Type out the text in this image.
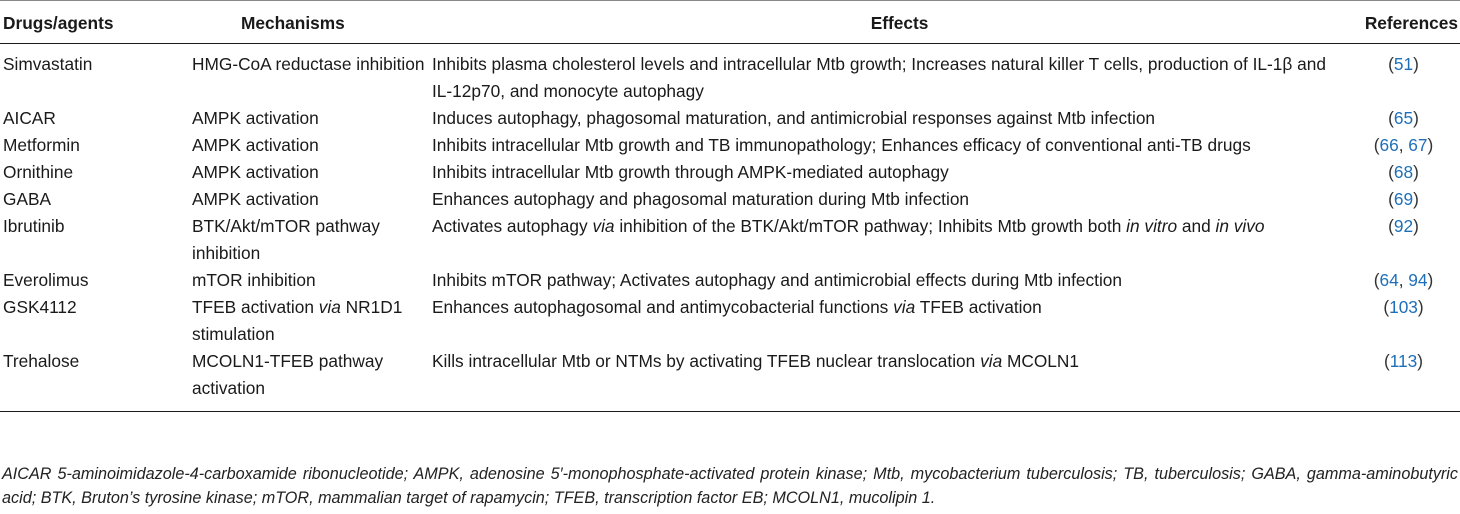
Drugs/agents	Mechanisms	Effects	References
Simvastatin	HMG-CoA reductase inhibition	Inhibits plasma cholesterol levels and intracellular Mtb growth; Increases natural killer T cells, production of IL-1β and IL-12p70, and monocyte autophagy	(51)
AICAR	AMPK activation	Induces autophagy, phagosomal maturation, and antimicrobial responses against Mtb infection	(65)
Metformin	AMPK activation	Inhibits intracellular Mtb growth and TB immunopathology; Enhances efficacy of conventional anti-TB drugs	(66, 67)
Ornithine	AMPK activation	Inhibits intracellular Mtb growth through AMPK-mediated autophagy	(68)
GABA	AMPK activation	Enhances autophagy and phagosomal maturation during Mtb infection	(69)
Ibrutinib	BTK/Akt/mTOR pathway inhibition	Activates autophagy via inhibition of the BTK/Akt/mTOR pathway; Inhibits Mtb growth both in vitro and in vivo	(92)
Everolimus	mTOR inhibition	Inhibits mTOR pathway; Activates autophagy and antimicrobial effects during Mtb infection	(64, 94)
GSK4112	TFEB activation via NR1D1 stimulation	Enhances autophagosomal and antimycobacterial functions via TFEB activation	(103)
Trehalose	MCOLN1-TFEB pathway activation	Kills intracellular Mtb or NTMs by activating TFEB nuclear translocation via MCOLN1	(113)
AICAR 5-aminoimidazole-4-carboxamide ribonucleotide; AMPK, adenosine 5′-monophosphate-activated protein kinase; Mtb, mycobacterium tuberculosis; TB, tuberculosis; GABA, gamma-aminobutyric acid; BTK, Bruton’s tyrosine kinase; mTOR, mammalian target of rapamycin; TFEB, transcription factor EB; MCOLN1, mucolipin 1.
